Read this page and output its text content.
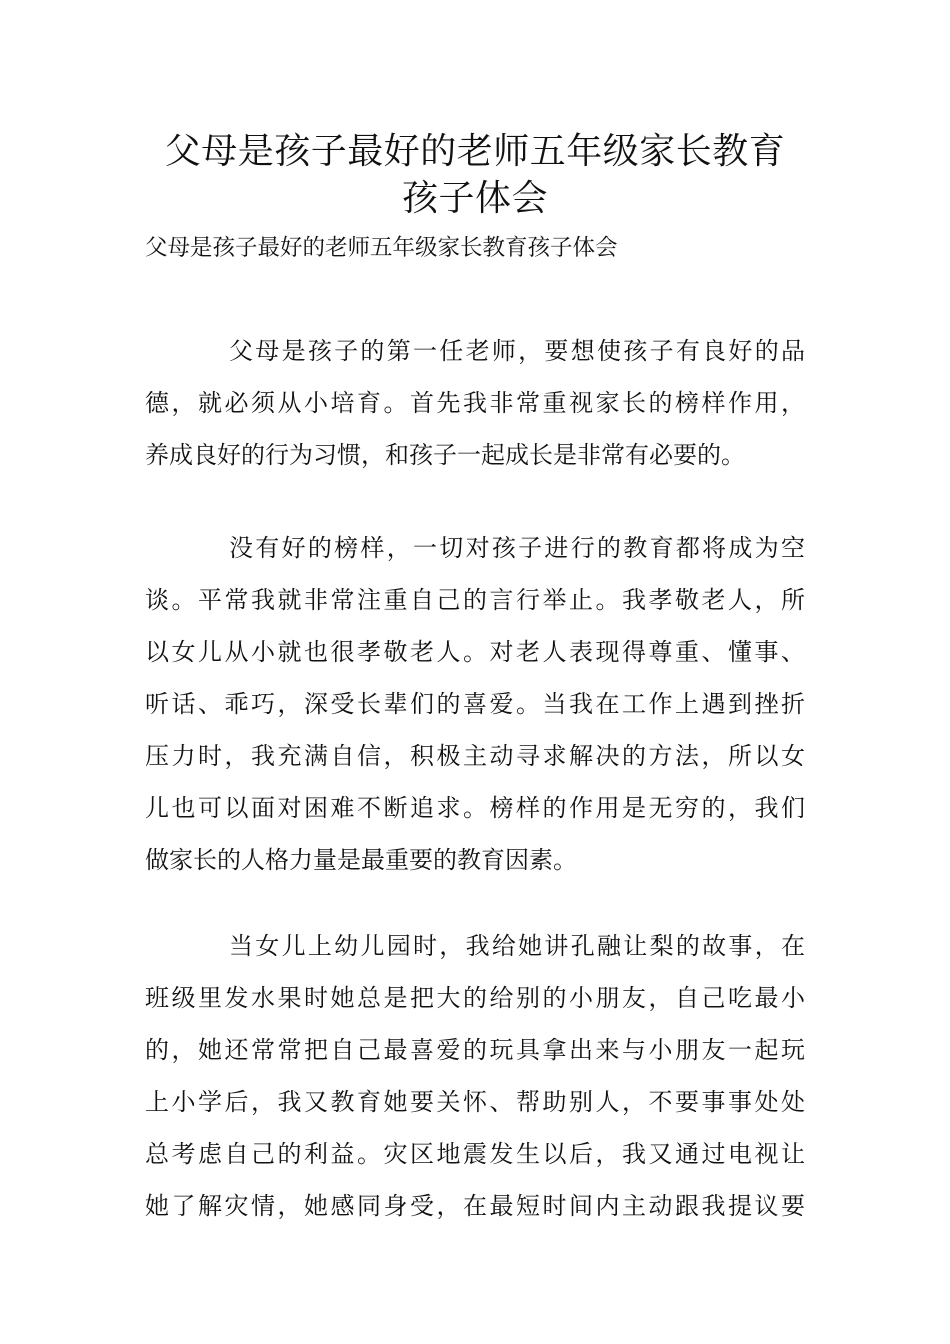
父母是孩子最好的老师五年级家长教育
孩子体会
父母是孩子最好的老师五年级家长教育孩子体会
父母是孩子的第一任老师，要想使孩子有良好的品
德，就必须从小培育。首先我非常重视家长的榜样作用，
养成良好的行为习惯，和孩子一起成长是非常有必要的。
没有好的榜样，一切对孩子进行的教育都将成为空
谈。平常我就非常注重自己的言行举止。我孝敬老人，所
以女儿从小就也很孝敬老人。对老人表现得尊重、懂事、
听话、乖巧，深受长辈们的喜爱。当我在工作上遇到挫折
压力时，我充满自信，积极主动寻求解决的方法，所以女
儿也可以面对困难不断追求。榜样的作用是无穷的，我们
做家长的人格力量是最重要的教育因素。
当女儿上幼儿园时，我给她讲孔融让梨的故事，在
班级里发水果时她总是把大的给别的小朋友，自己吃最小
的，她还常常把自己最喜爱的玩具拿出来与小朋友一起玩
上小学后，我又教育她要关怀、帮助别人，不要事事处处
总考虑自己的利益。灾区地震发生以后，我又通过电视让
她了解灾情，她感同身受，在最短时间内主动跟我提议要
